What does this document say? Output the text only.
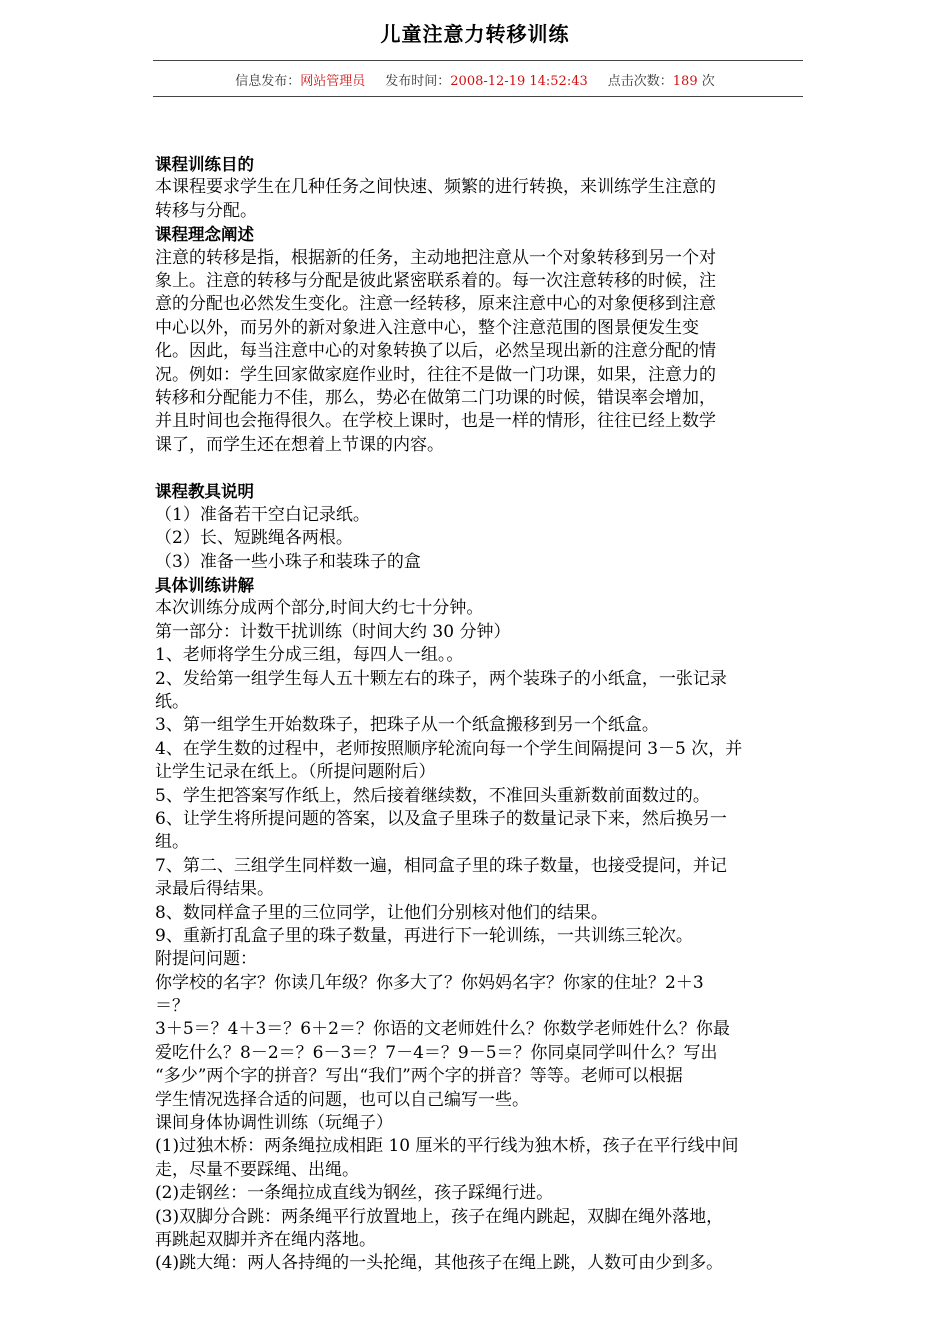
儿童注意力转移训练
信息发布：网站管理员 发布时间：2008-12-19 14:52:43 点击次数：189 次
课程训练目的
本课程要求学生在几种任务之间快速、频繁的进行转换，来训练学生注意的
转移与分配。
课程理念阐述
注意的转移是指，根据新的任务，主动地把注意从一个对象转移到另一个对
象上。注意的转移与分配是彼此紧密联系着的。每一次注意转移的时候，注
意的分配也必然发生变化。注意一经转移，原来注意中心的对象便移到注意
中心以外，而另外的新对象进入注意中心，整个注意范围的图景便发生变
化。因此，每当注意中心的对象转换了以后，必然呈现出新的注意分配的情
况。例如：学生回家做家庭作业时，往往不是做一门功课，如果，注意力的
转移和分配能力不佳，那么，势必在做第二门功课的时候，错误率会增加，
并且时间也会拖得很久。在学校上课时，也是一样的情形，往往已经上数学
课了，而学生还在想着上节课的内容。
课程教具说明
（1）准备若干空白记录纸。
（2）长、短跳绳各两根。
（3）准备一些小珠子和装珠子的盒
具体训练讲解
本次训练分成两个部分,时间大约七十分钟。
第一部分：计数干扰训练（时间大约 30 分钟）
1、老师将学生分成三组，每四人一组。。
2、发给第一组学生每人五十颗左右的珠子，两个装珠子的小纸盒，一张记录
纸。
3、第一组学生开始数珠子，把珠子从一个纸盒搬移到另一个纸盒。
4、在学生数的过程中，老师按照顺序轮流向每一个学生间隔提问 3－5 次，并
让学生记录在纸上。（所提问题附后）
5、学生把答案写作纸上，然后接着继续数，不准回头重新数前面数过的。
6、让学生将所提问题的答案，以及盒子里珠子的数量记录下来，然后换另一
组。
7、第二、三组学生同样数一遍，相同盒子里的珠子数量，也接受提问，并记
录最后得结果。
8、数同样盒子里的三位同学，让他们分别核对他们的结果。
9、重新打乱盒子里的珠子数量，再进行下一轮训练，一共训练三轮次。
附提问问题：
你学校的名字？你读几年级？你多大了？你妈妈名字？你家的住址？2＋3
＝？
3＋5＝？4＋3＝？6＋2＝？你语的文老师姓什么？你数学老师姓什么？你最
爱吃什么？8－2＝？6－3＝？7－4＝？9－5＝？你同桌同学叫什么？写出
“多少”两个字的拼音？写出“我们”两个字的拼音？等等。老师可以根据
学生情况选择合适的问题，也可以自己编写一些。
课间身体协调性训练（玩绳子）
(1)过独木桥：两条绳拉成相距 10 厘米的平行线为独木桥，孩子在平行线中间
走，尽量不要踩绳、出绳。
(2)走钢丝：一条绳拉成直线为钢丝，孩子踩绳行进。
(3)双脚分合跳：两条绳平行放置地上，孩子在绳内跳起，双脚在绳外落地，
再跳起双脚并齐在绳内落地。
(4)跳大绳：两人各持绳的一头抡绳，其他孩子在绳上跳，人数可由少到多。
